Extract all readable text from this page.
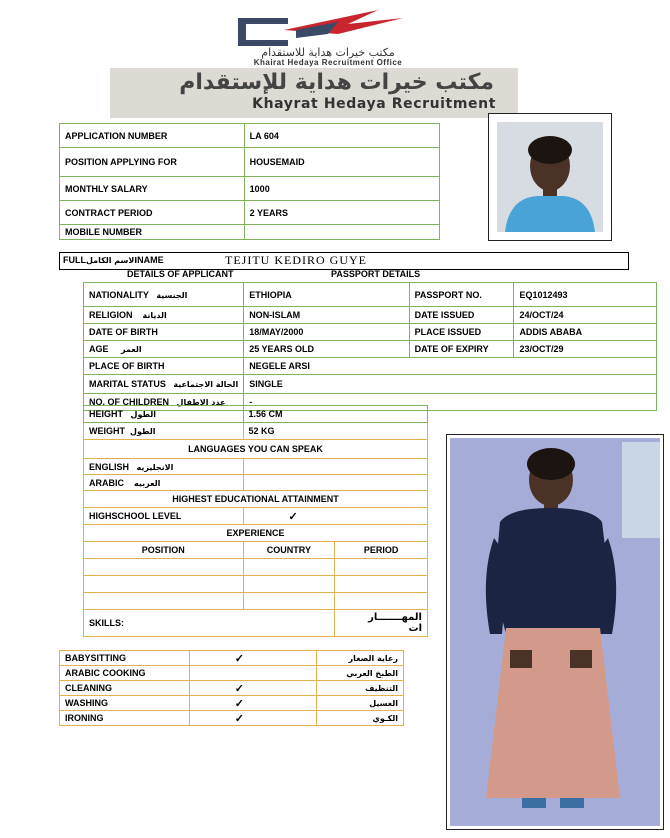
مكتب خيرات هداية للاستقدام
Khairat Hedaya Recruitment Office
مكتب خيرات هداية للإستقدام
Khayrat Hedaya Recruitment
APPLICATION NUMBER	LA 604
POSITION APPLYING FOR	HOUSEMAID
MONTHLY SALARY	1000
CONTRACT PERIOD	2 YEARS
MOBILE NUMBER	
FULLالاسم الكاملNAME	TEJITU KEDIRO GUYE
DETAILS OF APPLICANT	PASSPORT DETAILS
NATIONALITY الجنسية	ETHIOPIA	PASSPORT NO.	EQ1012493
RELIGION الديانة	NON-ISLAM	DATE ISSUED	24/OCT/24
DATE OF BIRTH	18/MAY/2000	PLACE ISSUED	ADDIS ABABA
AGE العمر	25 YEARS OLD	DATE OF EXPIRY	23/OCT/29
PLACE OF BIRTH	NEGELE ARSI		
MARITAL STATUS الحالة الاجتماعية	SINGLE		
NO. OF CHILDREN عدد الاطفال	-		
HEIGHT الطول	1.56 CM	
WEIGHT الطول	52 KG	
LANGUAGES YOU CAN SPEAK		
ENGLISH الانجليزيه		
ARABIC العربيه		
HIGHEST EDUCATIONAL ATTAINMENT		
HIGHSCHOOL LEVEL	✓	
EXPERIENCE		
POSITION	COUNTRY	PERIOD

SKILLS:		المهـــــــار
ات
BABYSITTING	✓	رعاية الصغار
ARABIC COOKING		الطبخ العربي
CLEANING	✓	التنظيف
WASHING	✓	الغسيل
IRONING	✓	الكـوي
